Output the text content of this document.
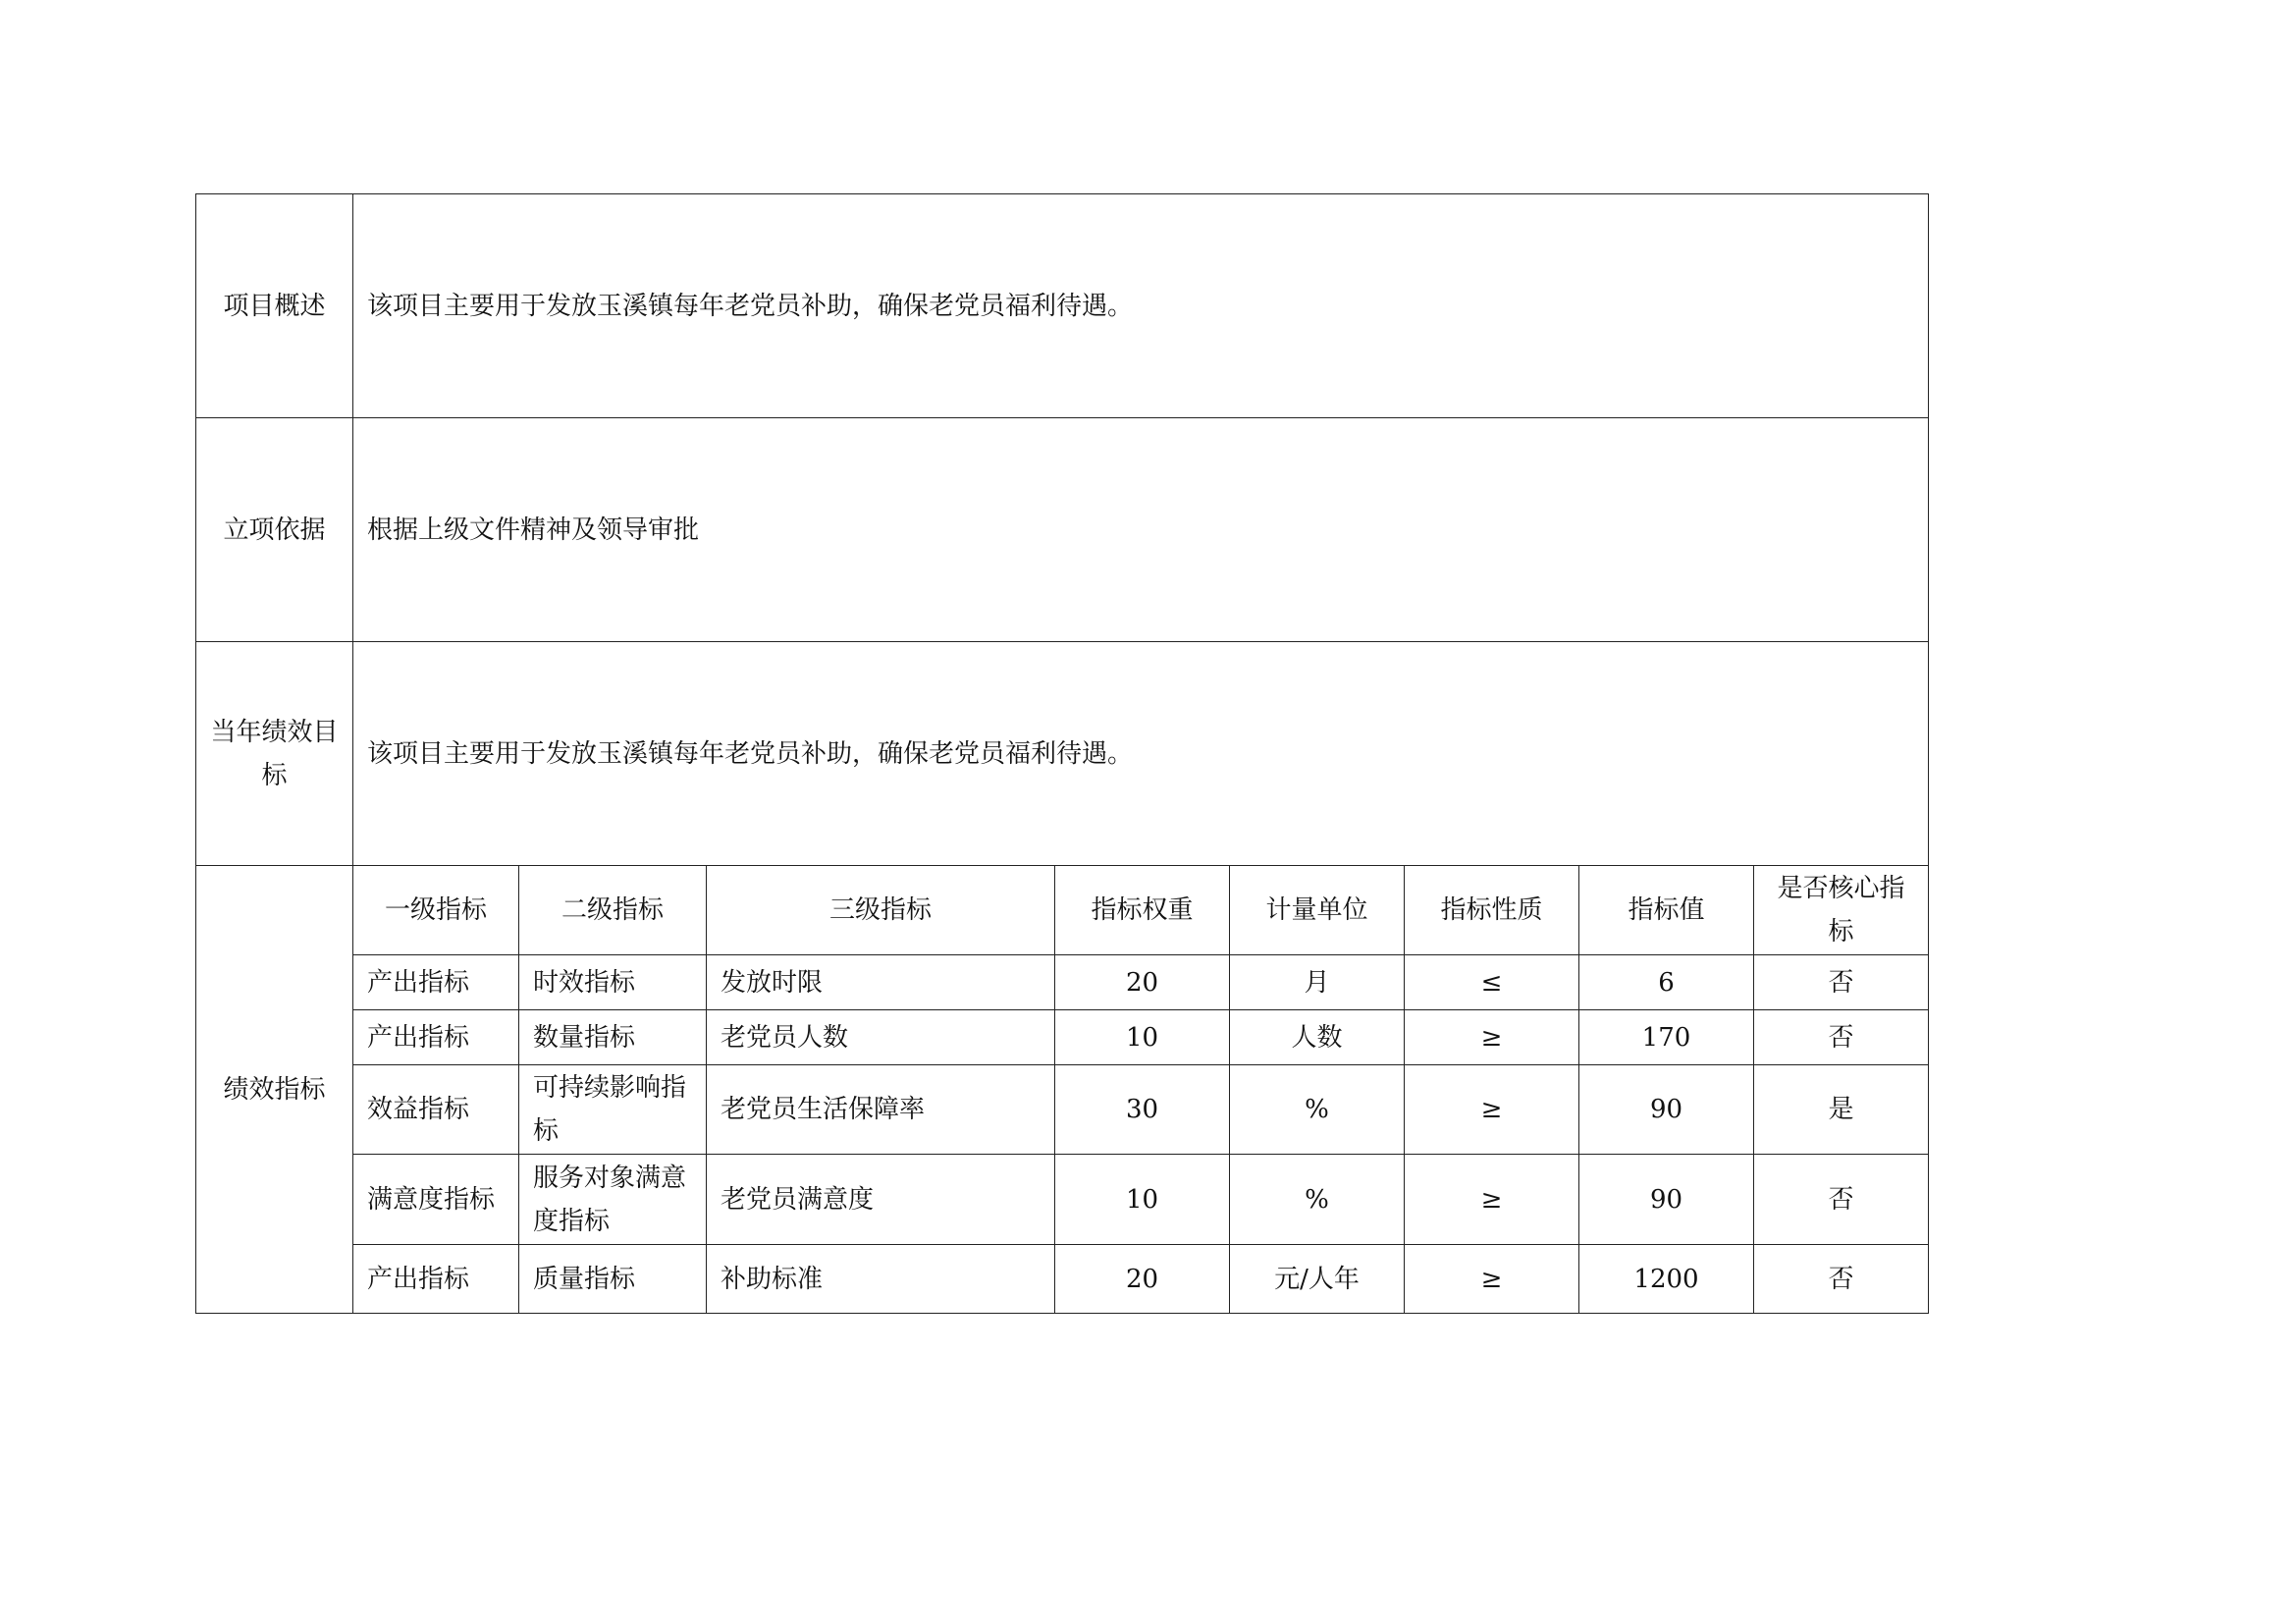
项目概述	该项目主要用于发放玉溪镇每年老党员补助，确保老党员福利待遇。							
立项依据	根据上级文件精神及领导审批							
当年绩效目标	该项目主要用于发放玉溪镇每年老党员补助，确保老党员福利待遇。							
绩效指标	一级指标	二级指标	三级指标	指标权重	计量单位	指标性质	指标值	是否核心指标
	产出指标	时效指标	发放时限	20	月	≤	6	否
	产出指标	数量指标	老党员人数	10	人数	≥	170	否
	效益指标	可持续影响指标	老党员生活保障率	30	%	≥	90	是
	满意度指标	服务对象满意度指标	老党员满意度	10	%	≥	90	否
	产出指标	质量指标	补助标准	20	元/人年	≥	1200	否
